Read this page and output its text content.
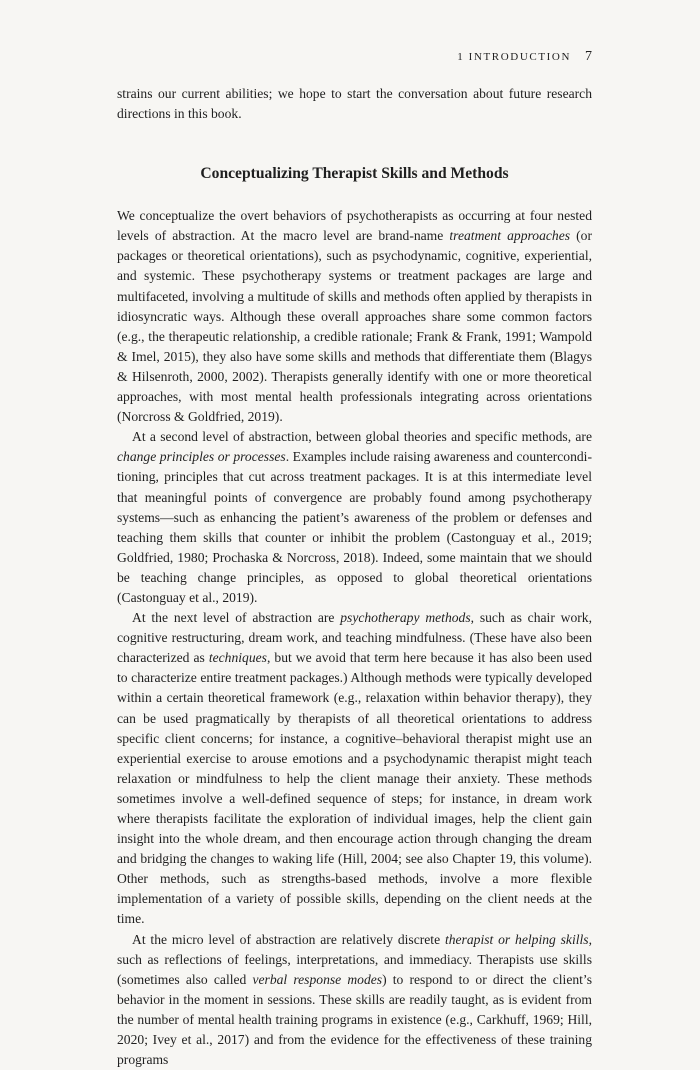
1 INTRODUCTION 7

strains our current abilities; we hope to start the conversation about future research directions in this book.

Conceptualizing Therapist Skills and Methods

We conceptualize the overt behaviors of psychotherapists as occurring at four nested levels of abstraction. At the macro level are brand-name treatment approaches (or packages or theoretical orientations), such as psychodynamic, cognitive, experiential, and systemic. These psychotherapy systems or treatment packages are large and multifaceted, involving a multitude of skills and methods often applied by therapists in idiosyncratic ways. Although these overall approaches share some common factors (e.g., the therapeutic relationship, a credible rationale; Frank & Frank, 1991; Wampold & Imel, 2015), they also have some skills and methods that differentiate them (Blagys & Hilsenroth, 2000, 2002). Therapists generally identify with one or more theoretical approaches, with most mental health professionals integrating across orientations (Norcross & Goldfried, 2019).

At a second level of abstraction, between global theories and specific methods, are change principles or processes. Examples include raising awareness and counterconditioning, principles that cut across treatment packages. It is at this intermediate level that meaningful points of convergence are probably found among psychotherapy systems—such as enhancing the patient’s awareness of the problem or defenses and teaching them skills that counter or inhibit the problem (Castonguay et al., 2019; Goldfried, 1980; Prochaska & Norcross, 2018). Indeed, some maintain that we should be teaching change principles, as opposed to global theoretical orientations (Castonguay et al., 2019).

At the next level of abstraction are psychotherapy methods, such as chair work, cognitive restructuring, dream work, and teaching mindfulness. (These have also been characterized as techniques, but we avoid that term here because it has also been used to characterize entire treatment packages.) Although methods were typically developed within a certain theoretical framework (e.g., relaxation within behavior therapy), they can be used pragmatically by therapists of all theoretical orientations to address specific client concerns; for instance, a cognitive–behavioral therapist might use an experiential exercise to arouse emotions and a psychodynamic therapist might teach relaxation or mindfulness to help the client manage their anxiety. These methods sometimes involve a well-defined sequence of steps; for instance, in dream work where therapists facilitate the exploration of individual images, help the client gain insight into the whole dream, and then encourage action through changing the dream and bridging the changes to waking life (Hill, 2004; see also Chapter 19, this volume). Other methods, such as strengths-based methods, involve a more flexible implementation of a variety of possible skills, depending on the client needs at the time.

At the micro level of abstraction are relatively discrete therapist or helping skills, such as reflections of feelings, interpretations, and immediacy. Therapists use skills (sometimes also called verbal response modes) to respond to or direct the client’s behavior in the moment in sessions. These skills are readily taught, as is evident from the number of mental health training programs in existence (e.g., Carkhuff, 1969; Hill, 2020; Ivey et al., 2017) and from the evidence for the effectiveness of these training programs
